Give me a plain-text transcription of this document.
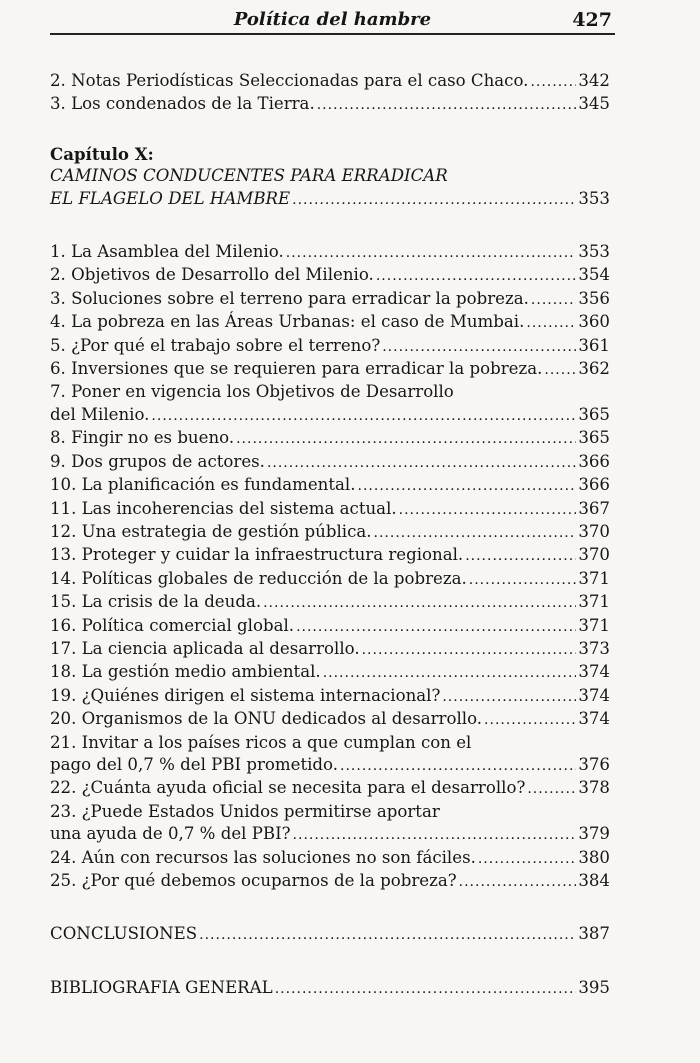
Política del hambre	427
2. Notas Periodísticas Seleccionadas para el caso Chaco. .....	342
3. Los condenados de la Tierra. .....	345
Capítulo X:
CAMINOS CONDUCENTES PARA ERRADICAR
EL FLAGELO DEL HAMBRE .....	353
1. La Asamblea del Milenio. .....	353
2. Objetivos de Desarrollo del Milenio. .....	354
3. Soluciones sobre el terreno para erradicar la pobreza. .....	356
4. La pobreza en las Áreas Urbanas: el caso de Mumbai. .....	360
5. ¿Por qué el trabajo sobre el terreno? .....	361
6. Inversiones que se requieren para erradicar la pobreza. ..... 362
7. Poner en vigencia los Objetivos de Desarrollo
del Milenio. .....	365
8. Fingir no es bueno. .....	365
9. Dos grupos de actores. .....	366
10. La planificación es fundamental. .....	366
11. Las incoherencias del sistema actual. .....	367
12. Una estrategia de gestión pública. .....	370
13. Proteger y cuidar la infraestructura regional. .....	370
14. Políticas globales de reducción de la pobreza. .....	371
15. La crisis de la deuda. .....	371
16. Política comercial global. .....	371
17. La ciencia aplicada al desarrollo. .....	373
18. La gestión medio ambiental. .....	374
19. ¿Quiénes dirigen el sistema internacional? .....	374
20. Organismos de la ONU dedicados al desarrollo. .....	374
21. Invitar a los países ricos a que cumplan con el
pago del 0,7 % del PBI prometido. .....	376
22. ¿Cuánta ayuda oficial se necesita para el desarrollo? .....	378
23. ¿Puede Estados Unidos permitirse aportar
una ayuda de 0,7 % del PBI? .....	379
24. Aún con recursos las soluciones no son fáciles. .....	380
25. ¿Por qué debemos ocuparnos de la pobreza? .....	384
CONCLUSIONES .....	387
BIBLIOGRAFIA GENERAL .....	395
